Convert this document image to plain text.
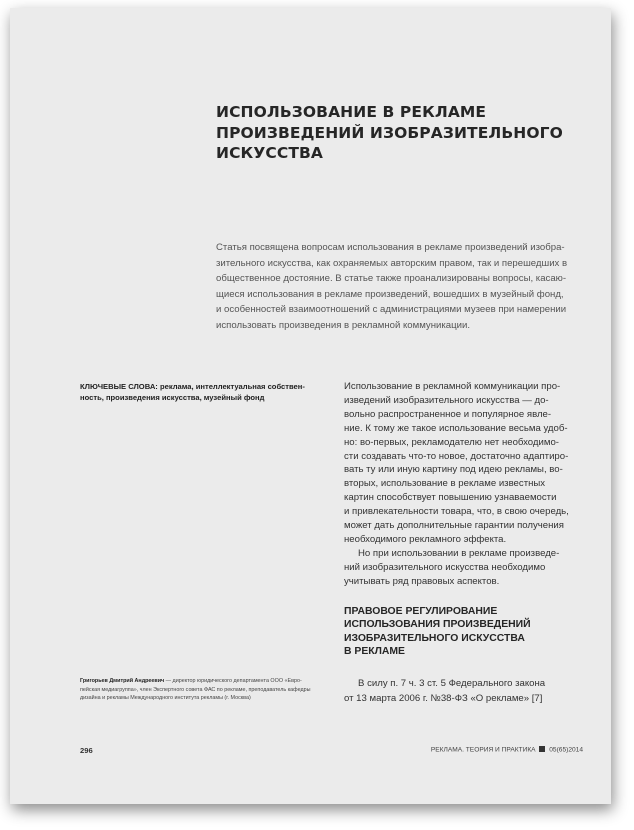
ИСПОЛЬЗОВАНИЕ В РЕКЛАМЕ
ПРОИЗВЕДЕНИЙ ИЗОБРАЗИТЕЛЬНОГО
ИСКУССТВА
Статья посвящена вопросам использования в рекламе произведений изобра-
зительного искусства, как охраняемых авторским правом, так и перешедших в
общественное достояние. В статье также проанализированы вопросы, касаю-
щиеся использования в рекламе произведений, вошедших в музейный фонд,
и особенностей взаимоотношений с администрациями музеев при намерении
использовать произведения в рекламной коммуникации.
КЛЮЧЕВЫЕ СЛОВА: реклама, интеллектуальная собствен-
ность, произведения искусства, музейный фонд
Использование в рекламной коммуникации про-
изведений изобразительного искусства — до-
вольно распространенное и популярное явле-
ние. К тому же такое использование весьма удоб-
но: во-первых, рекламодателю нет необходимо-
сти создавать что-то новое, достаточно адаптиро-
вать ту или иную картину под идею рекламы, во-
вторых, использование в рекламе известных
картин способствует повышению узнаваемости
и привлекательности товара, что, в свою очередь,
может дать дополнительные гарантии получения
необходимого рекламного эффекта.
Но при использовании в рекламе произведе-
ний изобразительного искусства необходимо
учитывать ряд правовых аспектов.
ПРАВОВОЕ РЕГУЛИРОВАНИЕ
ИСПОЛЬЗОВАНИЯ ПРОИЗВЕДЕНИЙ
ИЗОБРАЗИТЕЛЬНОГО ИСКУССТВА
В РЕКЛАМЕ
В силу п. 7 ч. 3 ст. 5 Федерального закона
от 13 марта 2006 г. №38-ФЗ «О рекламе» [7]
Григорьев Дмитрий Андреевич — директор юридического департамента ООО «Евро-
пейская медиагруппа», член Экспертного совета ФАС по рекламе, преподаватель кафедры
дизайна и рекламы Международного института рекламы (г. Москва)
296	РЕКЛАМА. ТЕОРИЯ И ПРАКТИКА 05(65)2014
